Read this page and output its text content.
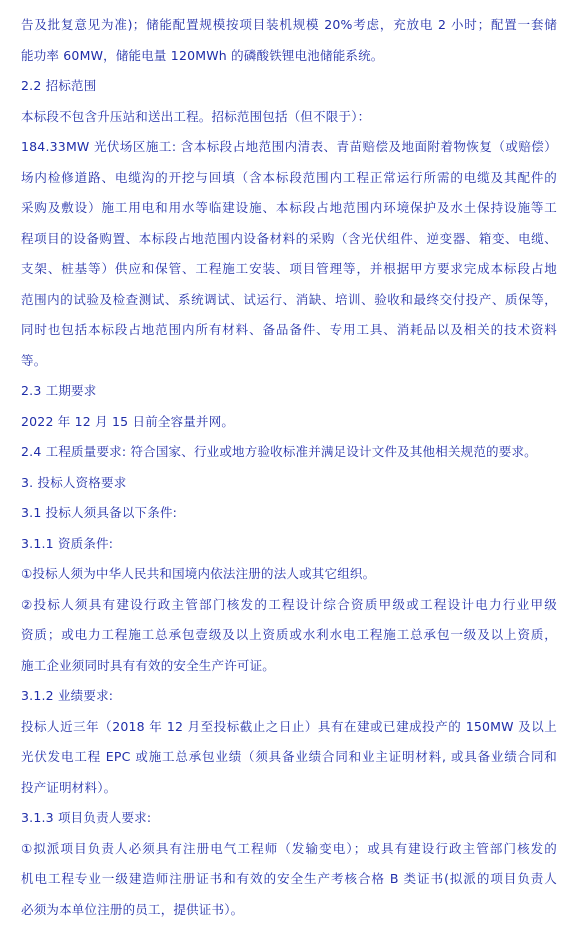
告及批复意见为准)；储能配置规模按项目装机规模 20%考虑，充放电 2 小时；配置一套储
能功率 60MW，储能电量 120MWh 的磷酸铁锂电池储能系统。
2.2 招标范围
本标段不包含升压站和送出工程。招标范围包括（但不限于）：
184.33MW 光伏场区施工: 含本标段占地范围内清表、青苗赔偿及地面附着物恢复（或赔偿）
场内检修道路、电缆沟的开挖与回填（含本标段范围内工程正常运行所需的电缆及其配件的
采购及敷设）施工用电和用水等临建设施、本标段占地范围内环境保护及水土保持设施等工
程项目的设备购置、本标段占地范围内设备材料的采购（含光伏组件、逆变器、箱变、电缆、
支架、桩基等）供应和保管、工程施工安装、项目管理等，并根据甲方要求完成本标段占地
范围内的试验及检查测试、系统调试、试运行、消缺、培训、验收和最终交付投产、质保等，
同时也包括本标段占地范围内所有材料、备品备件、专用工具、消耗品以及相关的技术资料
等。
2.3 工期要求
2022 年 12 月 15 日前全容量并网。
2.4 工程质量要求: 符合国家、行业或地方验收标准并满足设计文件及其他相关规范的要求。
3. 投标人资格要求
3.1 投标人须具备以下条件:
3.1.1 资质条件:
①投标人须为中华人民共和国境内依法注册的法人或其它组织。
②投标人须具有建设行政主管部门核发的工程设计综合资质甲级或工程设计电力行业甲级
资质；或电力工程施工总承包壹级及以上资质或水利水电工程施工总承包一级及以上资质，
施工企业须同时具有有效的安全生产许可证。
3.1.2 业绩要求:
投标人近三年（2018 年 12 月至投标截止之日止）具有在建或已建成投产的 150MW 及以上
光伏发电工程 EPC 或施工总承包业绩（须具备业绩合同和业主证明材料, 或具备业绩合同和
投产证明材料）。
3.1.3 项目负责人要求:
①拟派项目负责人必须具有注册电气工程师（发输变电）；或具有建设行政主管部门核发的
机电工程专业一级建造师注册证书和有效的安全生产考核合格 B 类证书(拟派的项目负责人
必须为本单位注册的员工，提供证书）。
